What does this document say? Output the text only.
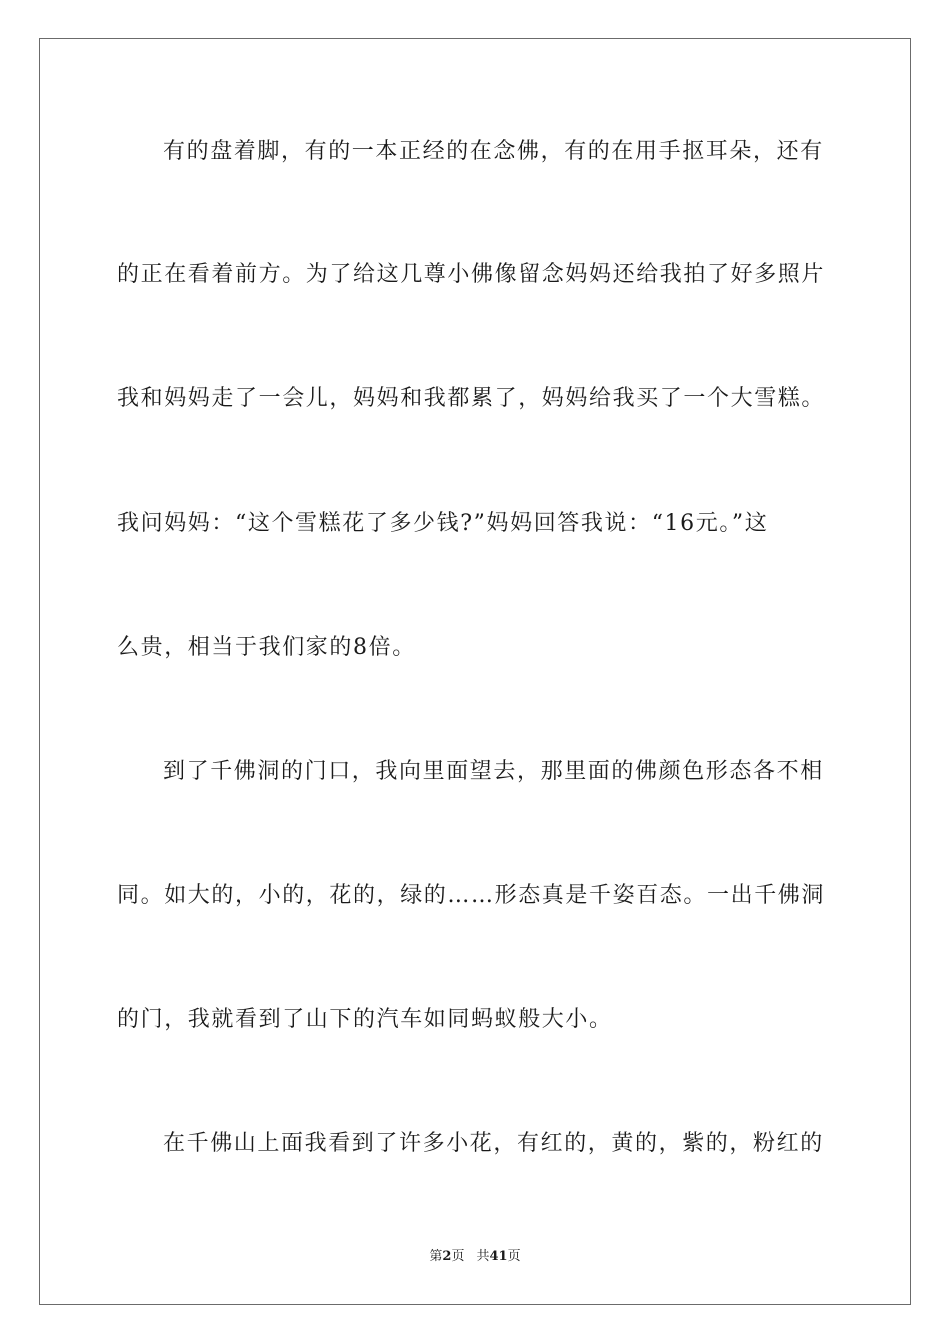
有的盘着脚，有的一本正经的在念佛，有的在用手抠耳朵，还有
的正在看着前方。为了给这几尊小佛像留念妈妈还给我拍了好多照片
我和妈妈走了一会儿，妈妈和我都累了，妈妈给我买了一个大雪糕。
我问妈妈：“这个雪糕花了多少钱?”妈妈回答我说：“16元。”这
么贵，相当于我们家的8倍。
到了千佛洞的门口，我向里面望去，那里面的佛颜色形态各不相
同。如大的，小的，花的，绿的……形态真是千姿百态。一出千佛洞
的门，我就看到了山下的汽车如同蚂蚁般大小。
在千佛山上面我看到了许多小花，有红的，黄的，紫的，粉红的
第2页 共41页
